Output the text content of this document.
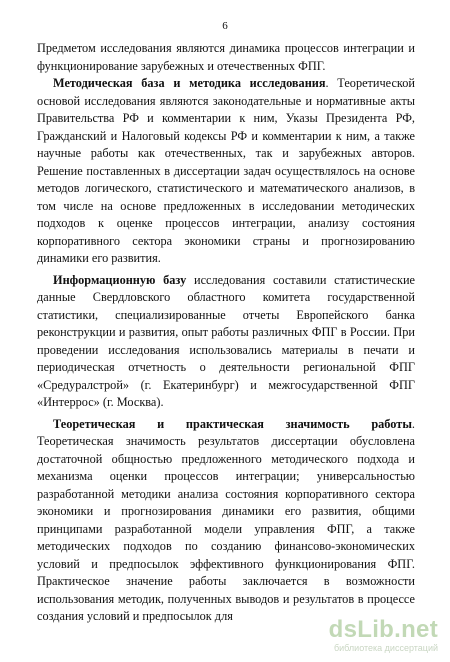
6

Предметом исследования являются динамика процессов интеграции и функционирование зарубежных и отечественных ФПГ.

Методическая база и методика исследования. Теоретической основой исследования являются законодательные и нормативные акты Правительства РФ и комментарии к ним, Указы Президента РФ, Гражданский и Налоговый кодексы РФ и комментарии к ним, а также научные работы как отечественных, так и зарубежных авторов. Решение поставленных в диссертации задач осуществлялось на основе методов логического, статистического и математического анализов, в том числе на основе предложенных в исследовании методических подходов к оценке процессов интеграции, анализу состояния корпоративного сектора экономики страны и прогнозированию динамики его развития.

Информационную базу исследования составили статистические данные Свердловского областного комитета государственной статистики, специализированные отчеты Европейского банка реконструкции и развития, опыт работы различных ФПГ в России. При проведении исследования использовались материалы в печати и периодическая отчетность о деятельности региональной ФПГ «Средуралстрой» (г. Екатеринбург) и межгосударственной ФПГ «Интеррос» (г. Москва).

Теоретическая и практическая значимость работы. Теоретическая значимость результатов диссертации обусловлена достаточной общностью предложенного методического подхода и механизма оценки процессов интеграции; универсальностью разработанной методики анализа состояния корпоративного сектора экономики и прогнозирования динамики его развития, общими принципами разработанной модели управления ФПГ, а также методических подходов по созданию финансово-экономических условий и предпосылок эффективного функционирования ФПГ. Практическое значение работы заключается в возможности использования методик, полученных выводов и результатов в процессе создания условий и предпосылок для	dsLib.net
библиотека диссертаций
